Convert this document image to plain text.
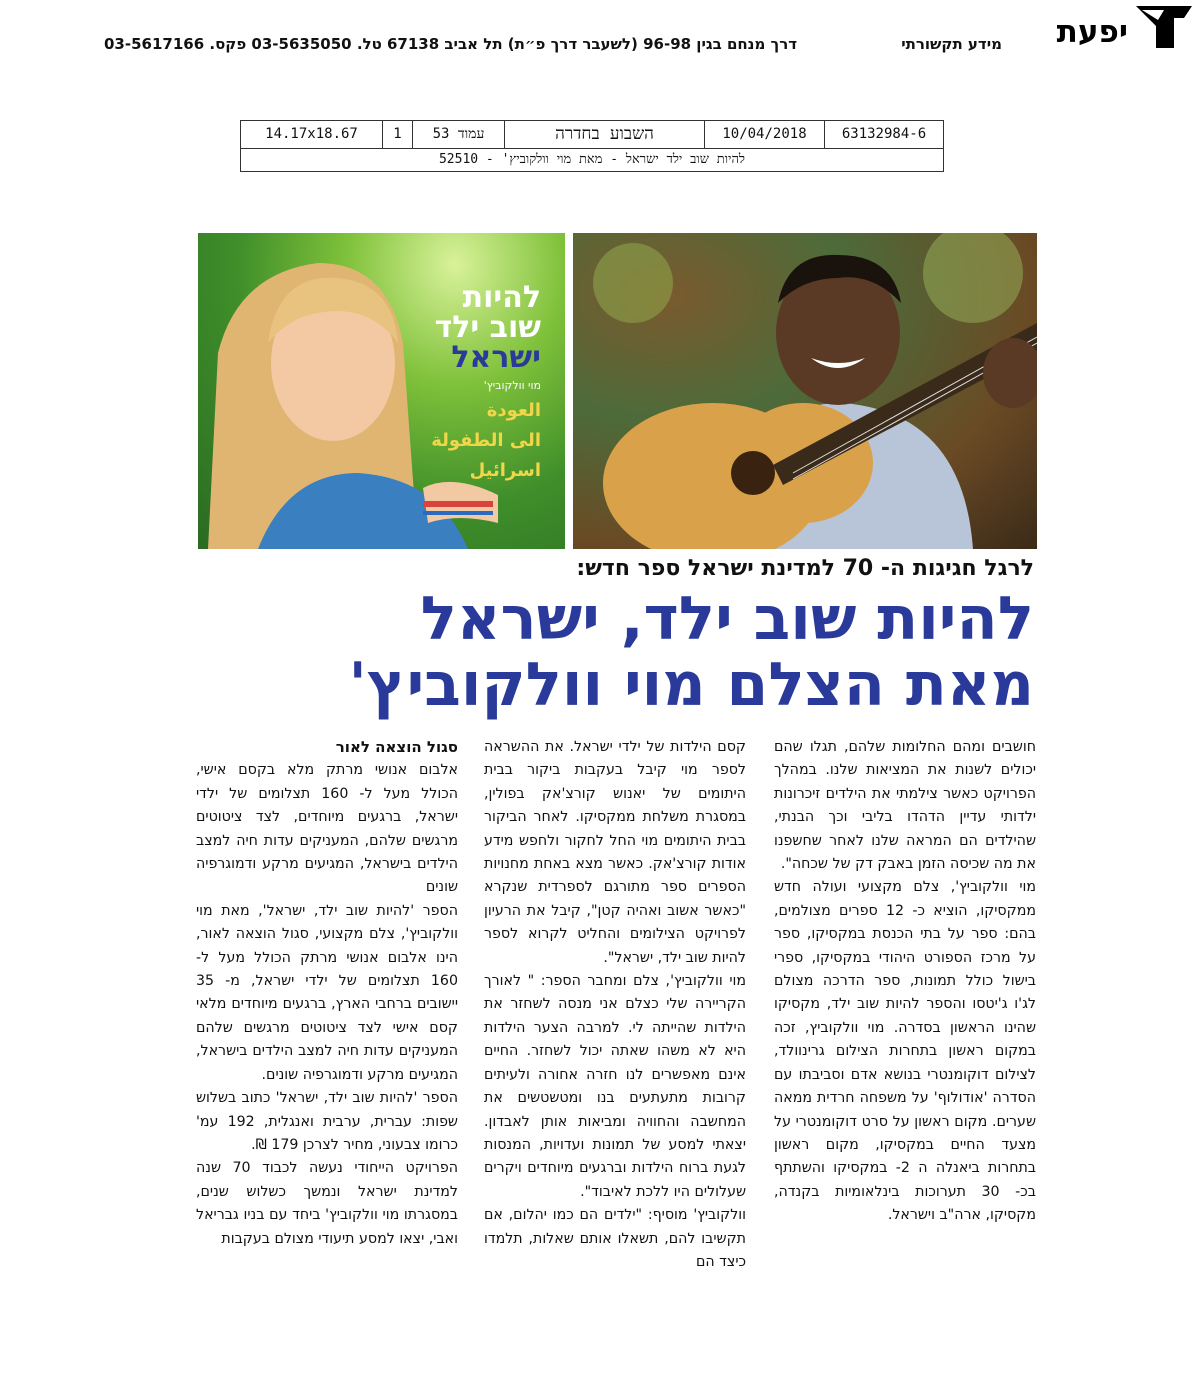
יפעת
מידע תקשורתי
דרך מנחם בגין 96-98 (לשעבר דרך פ״ת) תל אביב 67138 טל. 03-5635050 פקס. 03-5617166
14.17x18.67	1	עמוד 53	השבוע בחדרה	10/04/2018	63132984-6
להיות שוב ילד ישראל - מאת מוי וולקוביץ' - 52510
להיות
שוב ילד
ישראל
מוי וולקוביץ'
العودة
الى الطفولة
اسرائيل
לרגל חגיגות ה- 70 למדינת ישראל ספר חדש:
להיות שוב ילד, ישראל
מאת הצלם מוי וולקוביץ'

סגול הוצאה לאור

אלבום אנושי מרתק מלא בקסם אישי, הכולל מעל ל- 160 תצלומים של ילדי ישראל, ברגעים מיוחדים, לצד ציטוטים מרגשים שלהם, המעניקים עדות חיה למצב הילדים בישראל, המגיעים מרקע ודמוגרפיה שונים

הספר 'להיות שוב ילד, ישראל', מאת מוי וולקוביץ', צלם מקצועי, סגול הוצאה לאור, הינו אלבום אנושי מרתק הכולל מעל ל- 160 תצלומים של ילדי ישראל, מ- 35 יישובים ברחבי הארץ, ברגעים מיוחדים מלאי קסם אישי לצד ציטוטים מרגשים שלהם המעניקים עדות חיה למצב הילדים בישראל, המגיעים מרקע ודמוגרפיה שונים.

הספר 'להיות שוב ילד, ישראל' כתוב בשלוש שפות: עברית, ערבית ואנגלית, 192 עמ' כרומו צבעוני, מחיר לצרכן 179 ₪.

הפרויקט הייחודי נעשה לכבוד 70 שנה למדינת ישראל ונמשך כשלוש שנים, במסגרתו מוי וולקוביץ' ביחד עם בניו גבריאל ואבי, יצאו למסע תיעודי מצולם בעקבות

קסם הילדות של ילדי ישראל. את ההשראה לספר מוי קיבל בעקבות ביקור בבית היתומים של יאנוש קורצ'אק בפולין, במסגרת משלחת ממקסיקו. לאחר הביקור בבית היתומים מוי החל לחקור ולחפש מידע אודות קורצ'אק. כאשר מצא באחת מחנויות הספרים ספר מתורגם לספרדית שנקרא "כאשר אשוב ואהיה קטן", קיבל את הרעיון לפרויקט הצילומים והחליט לקרוא לספר להיות שוב ילד, ישראל".

מוי וולקוביץ', צלם ומחבר הספר: " לאורך הקריירה שלי כצלם אני מנסה לשחזר את הילדות שהייתה לי. למרבה הצער הילדות היא לא משהו שאתה יכול לשחזר. החיים אינם מאפשרים לנו חזרה אחורה ולעיתים קרובות מתעתעים בנו ומטשטשים את המחשבה והחוויה ומביאות אותן לאבדון. יצאתי למסע של תמונות ועדויות, המנסות לגעת ברוח הילדות וברגעים מיוחדים ויקרים שעלולים היו ללכת לאיבוד".

וולקוביץ' מוסיף: "ילדים הם כמו יהלום, אם תקשיבו להם, תשאלו אותם שאלות, תלמדו כיצד הם

חושבים ומהם החלומות שלהם, תגלו שהם יכולים לשנות את המציאות שלנו. במהלך הפרויקט כאשר צילמתי את הילדים זיכרונות ילדותי עדיין הדהדו בליבי וכך הבנתי, שהילדים הם המראה שלנו לאחר שחשפנו את מה שכיסה הזמן באבק דק של שכחה".

מוי וולקוביץ', צלם מקצועי ועולה חדש ממקסיקו, הוציא כ- 12 ספרים מצולמים, בהם: ספר על בתי הכנסת במקסיקו, ספר על מרכז הספורט היהודי במקסיקו, ספרי בישול כולל תמונות, ספר הדרכה מצולם לג'ו ג'יטסו והספר להיות שוב ילד, מקסיקו שהינו הראשון בסדרה. מוי וולקוביץ, זכה במקום ראשון בתחרות הצילום גרינוולד, לצילום דוקומנטרי בנושא אדם וסביבתו עם הסדרה 'אודולוף' על משפחה חרדית ממאה שערים. מקום ראשון על סרט דוקומנטרי על מצעד החיים במקסיקו, מקום ראשון בתחרות ביאנלה ה 2- במקסיקו והשתתף בכ- 30 תערוכות בינלאומיות בקנדה, מקסיקו, ארה"ב וישראל.
